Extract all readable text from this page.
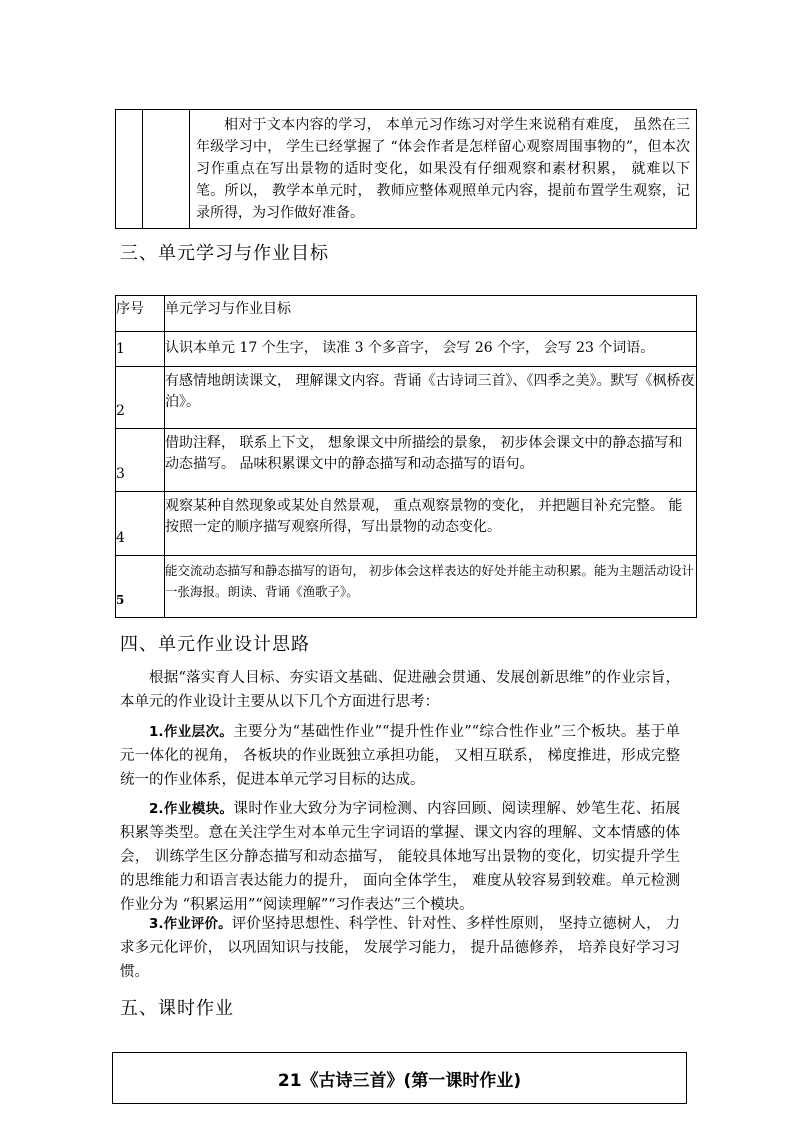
相对于文本内容的学习， 本单元习作练习对学生来说稍有难度， 虽然在三年级学习中， 学生已经掌握了 “体会作者是怎样留心观察周围事物的”，但本次习作重点在写出景物的适时变化，如果没有仔细观察和素材积累， 就难以下笔。所以， 教学本单元时， 教师应整体观照单元内容，提前布置学生观察，记录所得，为习作做好准备。
三、单元学习与作业目标
序号	单元学习与作业目标
1	认识本单元 17 个生字， 读准 3 个多音字， 会写 26 个字， 会写 23 个词语。
2	有感情地朗读课文， 理解课文内容。背诵《古诗词三首》、《四季之美》。默写《枫桥夜泊》。
3	借助注释， 联系上下文， 想象课文中所描绘的景象， 初步体会课文中的静态描写和动态描写。 品味积累课文中的静态描写和动态描写的语句。
4	观察某种自然现象或某处自然景观， 重点观察景物的变化， 并把题目补充完整。 能按照一定的顺序描写观察所得，写出景物的动态变化。
5	能交流动态描写和静态描写的语句， 初步体会这样表达的好处并能主动积累。能为主题活动设计一张海报。朗读、背诵《渔歌子》。
四、单元作业设计思路
根据“落实育人目标、夯实语文基础、促进融会贯通、发展创新思维”的作业宗旨，本单元的作业设计主要从以下几个方面进行思考：
1.作业层次。主要分为“基础性作业”“提升性作业”“综合性作业”三个板块。基于单元一体化的视角， 各板块的作业既独立承担功能， 又相互联系， 梯度推进，形成完整统一的作业体系，促进本单元学习目标的达成。
2.作业模块。课时作业大致分为字词检测、内容回顾、阅读理解、妙笔生花、拓展积累等类型。意在关注学生对本单元生字词语的掌握、课文内容的理解、文本情感的体会， 训练学生区分静态描写和动态描写， 能较具体地写出景物的变化，切实提升学生的思维能力和语言表达能力的提升， 面向全体学生， 难度从较容易到较难。单元检测作业分为 “积累运用”“阅读理解”“习作表达”三个模块。
3.作业评价。评价坚持思想性、科学性、针对性、多样性原则， 坚持立德树人， 力求多元化评价， 以巩固知识与技能， 发展学习能力， 提升品德修养， 培养良好学习习惯。
五、课时作业
21《古诗三首》(第一课时作业)
